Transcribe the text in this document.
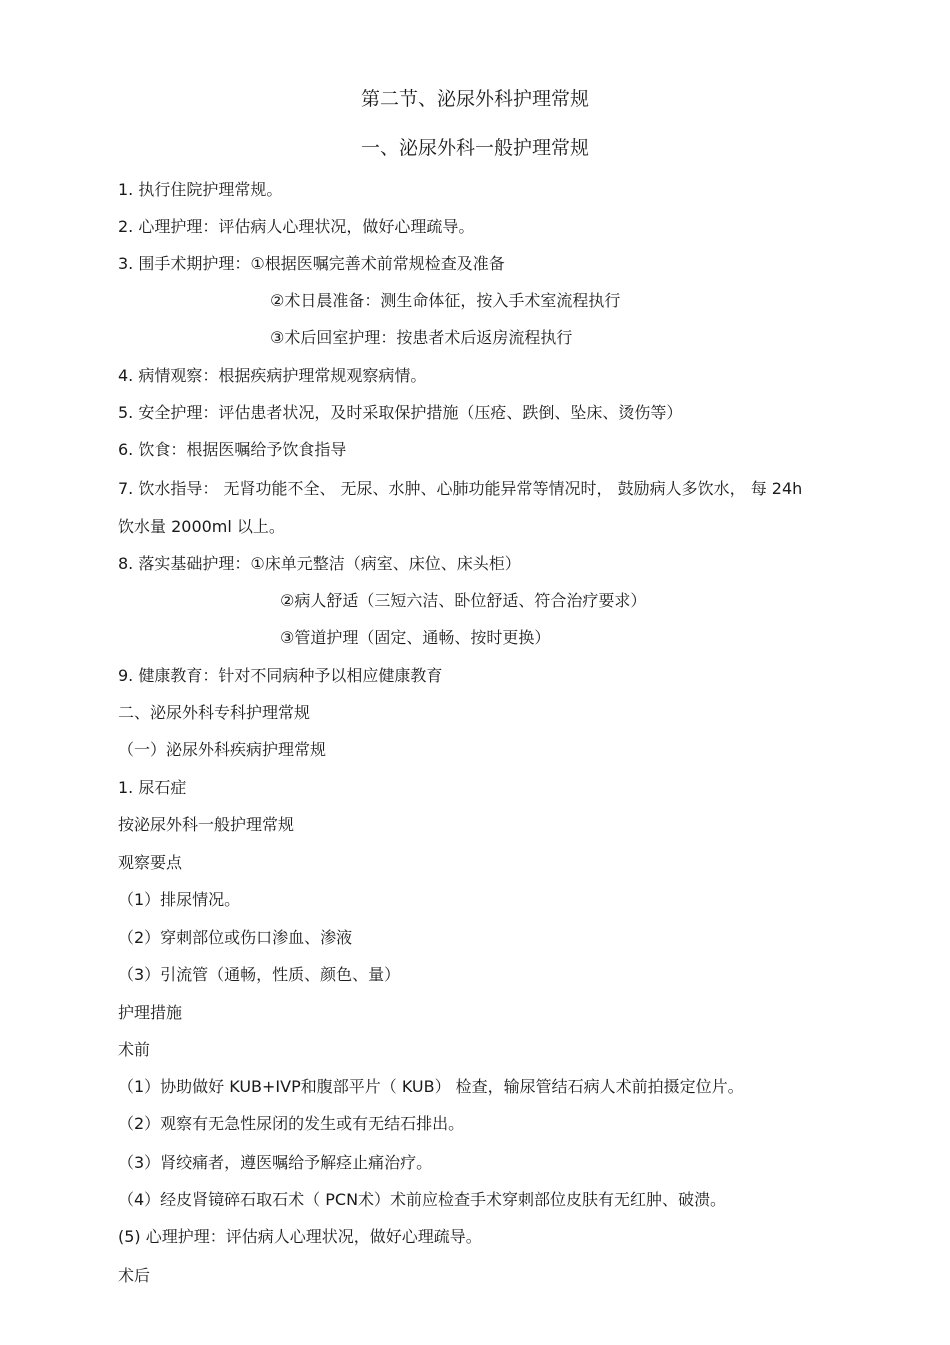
第二节、泌尿外科护理常规
一、泌尿外科一般护理常规
1. 执行住院护理常规。
2. 心理护理：评估病人心理状况，做好心理疏导。
3. 围手术期护理：①根据医嘱完善术前常规检查及准备
②术日晨准备：测生命体征，按入手术室流程执行
③术后回室护理：按患者术后返房流程执行
4. 病情观察：根据疾病护理常规观察病情。
5. 安全护理：评估患者状况，及时采取保护措施（压疮、跌倒、坠床、烫伤等）
6. 饮食：根据医嘱给予饮食指导
7. 饮水指导： 无肾功能不全、 无尿、水肿、心肺功能异常等情况时， 鼓励病人多饮水， 每 24h
饮水量 2000ml 以上。
8. 落实基础护理：①床单元整洁（病室、床位、床头柜）
②病人舒适（三短六洁、卧位舒适、符合治疗要求）
③管道护理（固定、通畅、按时更换）
9. 健康教育：针对不同病种予以相应健康教育
二、泌尿外科专科护理常规
（一）泌尿外科疾病护理常规
1. 尿石症
按泌尿外科一般护理常规
观察要点
（1）排尿情况。
（2）穿刺部位或伤口渗血、渗液
（3）引流管（通畅，性质、颜色、量）
护理措施
术前
（1）协助做好 KUB+IVP和腹部平片（ KUB） 检查，输尿管结石病人术前拍摄定位片。
（2）观察有无急性尿闭的发生或有无结石排出。
（3）肾绞痛者，遵医嘱给予解痉止痛治疗。
（4）经皮肾镜碎石取石术（ PCN术）术前应检查手术穿刺部位皮肤有无红肿、破溃。
(5) 心理护理：评估病人心理状况，做好心理疏导。
术后
